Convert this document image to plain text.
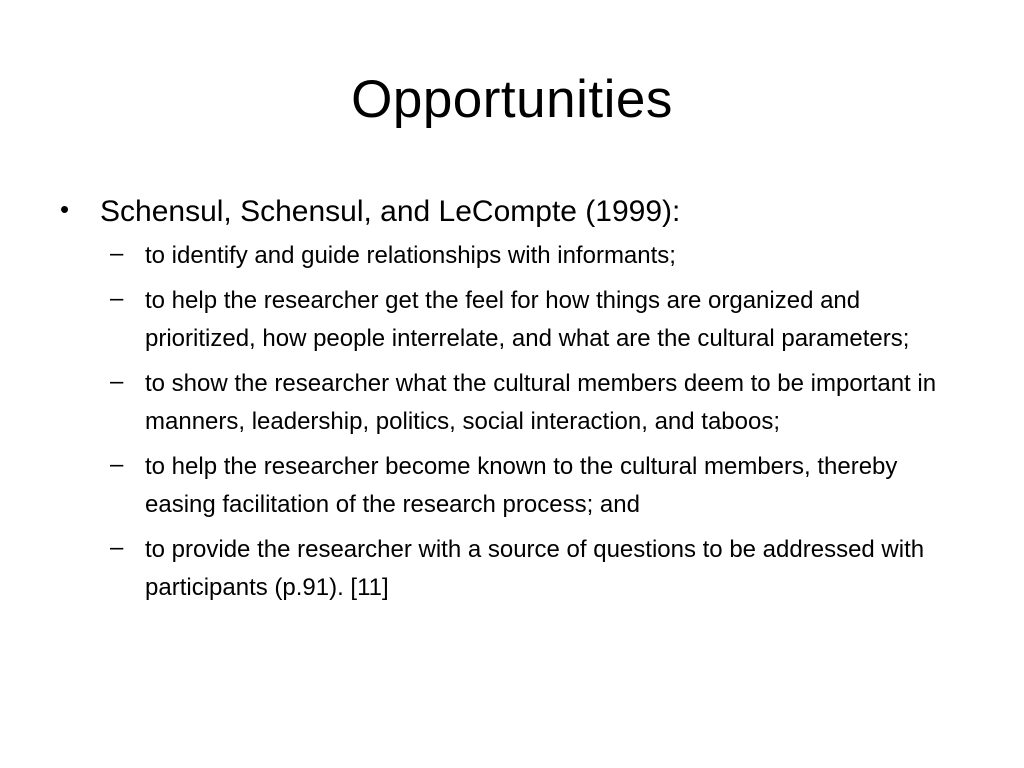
Opportunities
•	Schensul, Schensul, and LeCompte (1999):
– to identify and guide relationships with informants;
– to help the researcher get the feel for how things are organized and prioritized, how people interrelate, and what are the cultural parameters;
– to show the researcher what the cultural members deem to be important in manners, leadership, politics, social interaction, and taboos;
– to help the researcher become known to the cultural members, thereby easing facilitation of the research process; and
– to provide the researcher with a source of questions to be addressed with participants (p.91). [11]
